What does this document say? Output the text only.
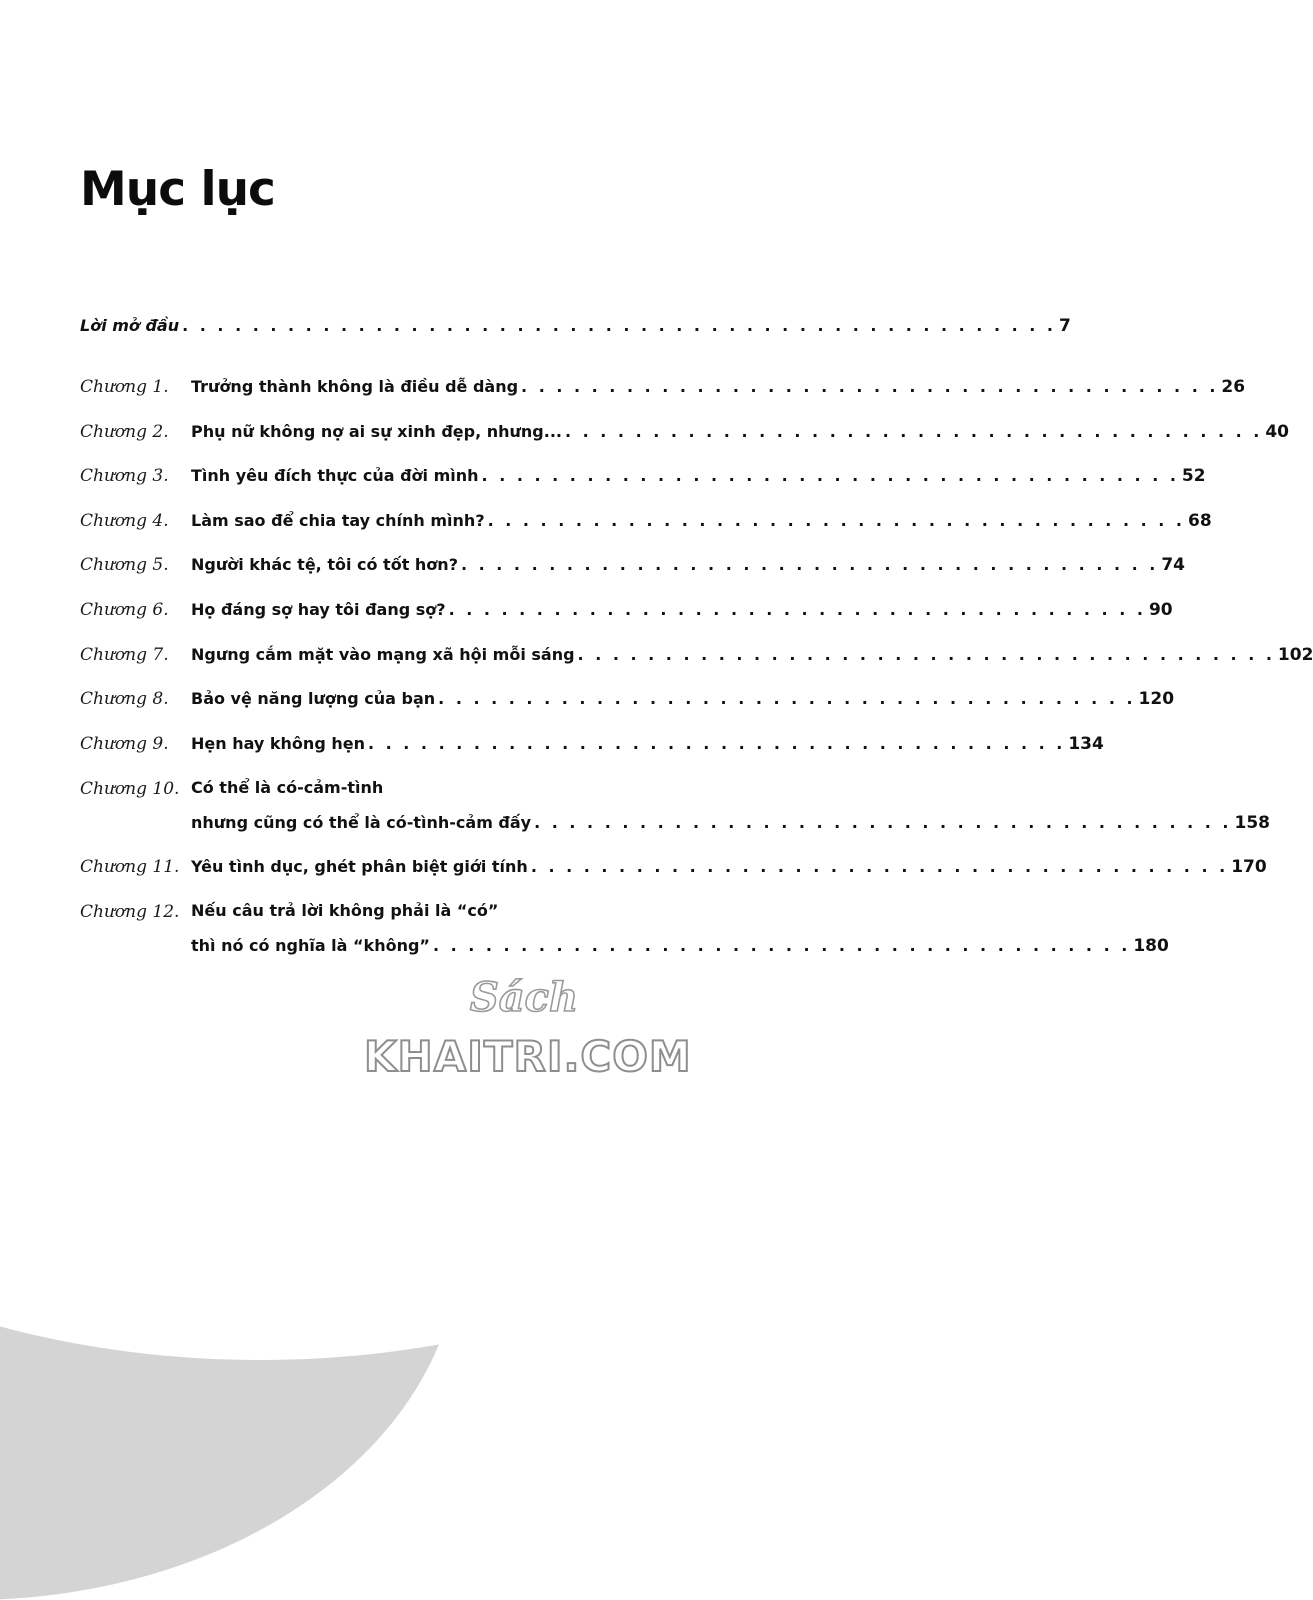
Mục lục
Lời mở đầu . . . . . . . . . . . . . . . . . . . . . . . . . . . . . . . . . . . . . . . . . . . . . . . . . . 7
Chương 1. Trưởng thành không là điều dễ dàng . . . . . . . . . . . . . . . . . . . . . . . . . . . . . . . . . . . . . . . . 26
Chương 2. Phụ nữ không nợ ai sự xinh đẹp, nhưng... . . . . . . . . . . . . . . . . . . . . . . . . . . . . . . . . . . . . . . . . 40
Chương 3. Tình yêu đích thực của đời mình . . . . . . . . . . . . . . . . . . . . . . . . . . . . . . . . . . . . . . . . 52
Chương 4. Làm sao để chia tay chính mình? . . . . . . . . . . . . . . . . . . . . . . . . . . . . . . . . . . . . . . . . 68
Chương 5. Người khác tệ, tôi có tốt hơn? . . . . . . . . . . . . . . . . . . . . . . . . . . . . . . . . . . . . . . . . 74
Chương 6. Họ đáng sợ hay tôi đang sợ? . . . . . . . . . . . . . . . . . . . . . . . . . . . . . . . . . . . . . . . . 90
Chương 7. Ngưng cắm mặt vào mạng xã hội mỗi sáng . . . . . . . . . . . . . . . . . . . . . . . . . . . . . . . . . . . . . . . . 102
Chương 8. Bảo vệ năng lượng của bạn . . . . . . . . . . . . . . . . . . . . . . . . . . . . . . . . . . . . . . . . 120
Chương 9. Hẹn hay không hẹn . . . . . . . . . . . . . . . . . . . . . . . . . . . . . . . . . . . . . . . . 134
Chương 10. Có thể là có-cảm-tình
nhưng cũng có thể là có-tình-cảm đấy . . . . . . . . . . . . . . . . . . . . . . . . . . . . . . . . . . . . . . . . 158
Chương 11. Yêu tình dục, ghét phân biệt giới tính . . . . . . . . . . . . . . . . . . . . . . . . . . . . . . . . . . . . . . . . 170
Chương 12. Nếu câu trả lời không phải là “có”
thì nó có nghĩa là “không” . . . . . . . . . . . . . . . . . . . . . . . . . . . . . . . . . . . . . . . . 180
Sách
KHAITRI.COM
